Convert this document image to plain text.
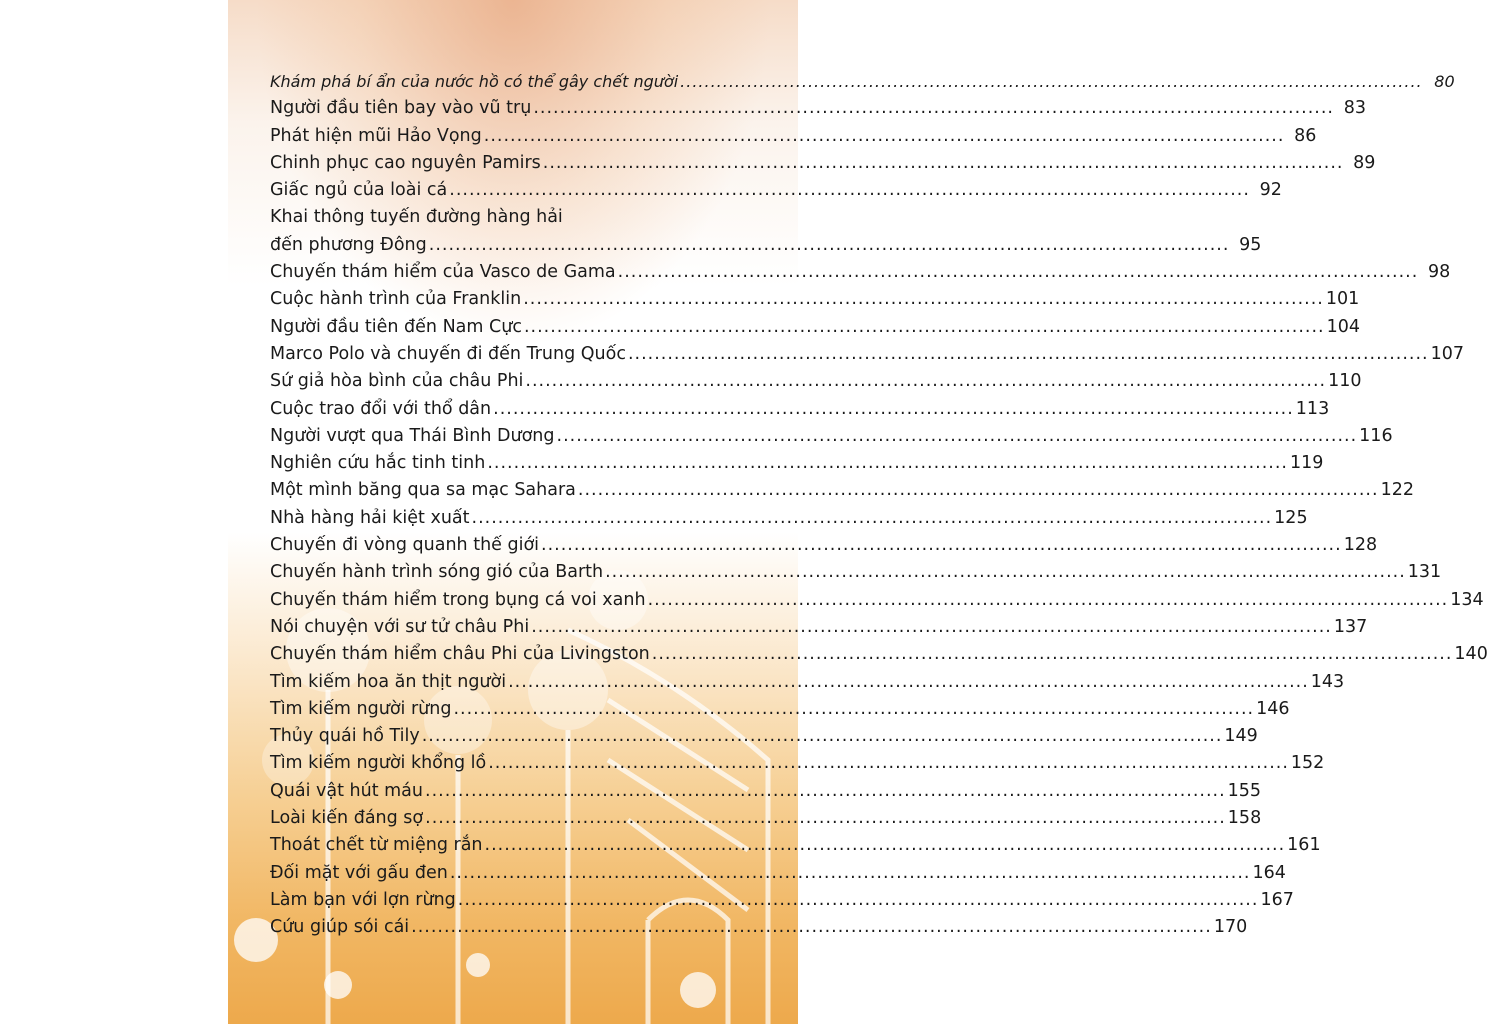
Khám phá bí ẩn của nước hồ có thể gây chết người .....	80
Người đầu tiên bay vào vũ trụ .....	83
Phát hiện mũi Hảo Vọng .....	86
Chinh phục cao nguyên Pamirs .....	89
Giấc ngủ của loài cá .....	92
Khai thông tuyến đường hàng hải
đến phương Đông .....	95
Chuyến thám hiểm của Vasco de Gama .....	98
Cuộc hành trình của Franklin .....	101
Người đầu tiên đến Nam Cực .....	104
Marco Polo và chuyến đi đến Trung Quốc .....	107
Sứ giả hòa bình của châu Phi .....	110
Cuộc trao đổi với thổ dân .....	113
Người vượt qua Thái Bình Dương .....	116
Nghiên cứu hắc tinh tinh .....	119
Một mình băng qua sa mạc Sahara .....	122
Nhà hàng hải kiệt xuất .....	125
Chuyến đi vòng quanh thế giới .....	128
Chuyến hành trình sóng gió của Barth .....	131
Chuyến thám hiểm trong bụng cá voi xanh .....	134
Nói chuyện với sư tử châu Phi .....	137
Chuyến thám hiểm châu Phi của Livingston .....	140
Tìm kiếm hoa ăn thịt người .....	143
Tìm kiếm người rừng .....	146
Thủy quái hồ Tily .....	149
Tìm kiếm người khổng lồ .....	152
Quái vật hút máu .....	155
Loài kiến đáng sợ .....	158
Thoát chết từ miệng rắn .....	161
Đối mặt với gấu đen .....	164
Làm bạn với lợn rừng .....	167
Cứu giúp sói cái .....	170
